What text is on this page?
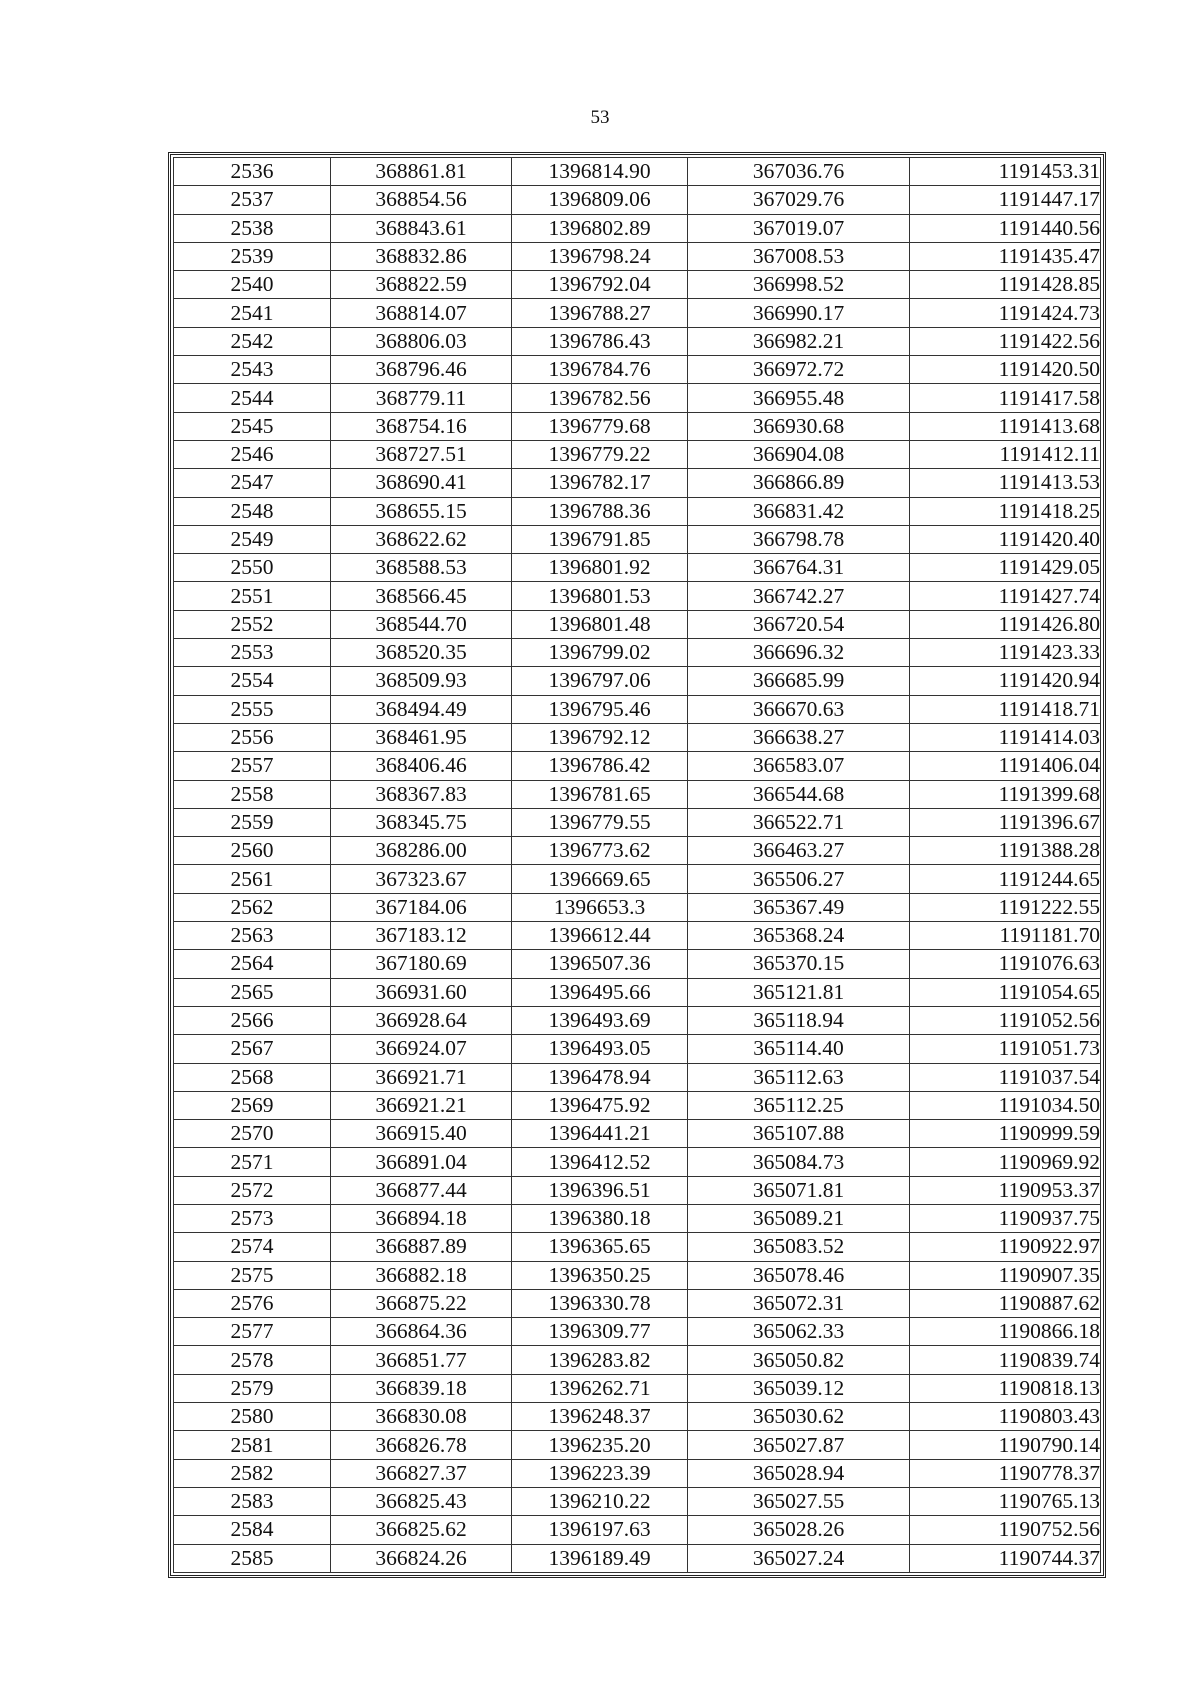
53
2536	368861.81	1396814.90	367036.76	1191453.31
2537	368854.56	1396809.06	367029.76	1191447.17
2538	368843.61	1396802.89	367019.07	1191440.56
2539	368832.86	1396798.24	367008.53	1191435.47
2540	368822.59	1396792.04	366998.52	1191428.85
2541	368814.07	1396788.27	366990.17	1191424.73
2542	368806.03	1396786.43	366982.21	1191422.56
2543	368796.46	1396784.76	366972.72	1191420.50
2544	368779.11	1396782.56	366955.48	1191417.58
2545	368754.16	1396779.68	366930.68	1191413.68
2546	368727.51	1396779.22	366904.08	1191412.11
2547	368690.41	1396782.17	366866.89	1191413.53
2548	368655.15	1396788.36	366831.42	1191418.25
2549	368622.62	1396791.85	366798.78	1191420.40
2550	368588.53	1396801.92	366764.31	1191429.05
2551	368566.45	1396801.53	366742.27	1191427.74
2552	368544.70	1396801.48	366720.54	1191426.80
2553	368520.35	1396799.02	366696.32	1191423.33
2554	368509.93	1396797.06	366685.99	1191420.94
2555	368494.49	1396795.46	366670.63	1191418.71
2556	368461.95	1396792.12	366638.27	1191414.03
2557	368406.46	1396786.42	366583.07	1191406.04
2558	368367.83	1396781.65	366544.68	1191399.68
2559	368345.75	1396779.55	366522.71	1191396.67
2560	368286.00	1396773.62	366463.27	1191388.28
2561	367323.67	1396669.65	365506.27	1191244.65
2562	367184.06	1396653.3	365367.49	1191222.55
2563	367183.12	1396612.44	365368.24	1191181.70
2564	367180.69	1396507.36	365370.15	1191076.63
2565	366931.60	1396495.66	365121.81	1191054.65
2566	366928.64	1396493.69	365118.94	1191052.56
2567	366924.07	1396493.05	365114.40	1191051.73
2568	366921.71	1396478.94	365112.63	1191037.54
2569	366921.21	1396475.92	365112.25	1191034.50
2570	366915.40	1396441.21	365107.88	1190999.59
2571	366891.04	1396412.52	365084.73	1190969.92
2572	366877.44	1396396.51	365071.81	1190953.37
2573	366894.18	1396380.18	365089.21	1190937.75
2574	366887.89	1396365.65	365083.52	1190922.97
2575	366882.18	1396350.25	365078.46	1190907.35
2576	366875.22	1396330.78	365072.31	1190887.62
2577	366864.36	1396309.77	365062.33	1190866.18
2578	366851.77	1396283.82	365050.82	1190839.74
2579	366839.18	1396262.71	365039.12	1190818.13
2580	366830.08	1396248.37	365030.62	1190803.43
2581	366826.78	1396235.20	365027.87	1190790.14
2582	366827.37	1396223.39	365028.94	1190778.37
2583	366825.43	1396210.22	365027.55	1190765.13
2584	366825.62	1396197.63	365028.26	1190752.56
2585	366824.26	1396189.49	365027.24	1190744.37
